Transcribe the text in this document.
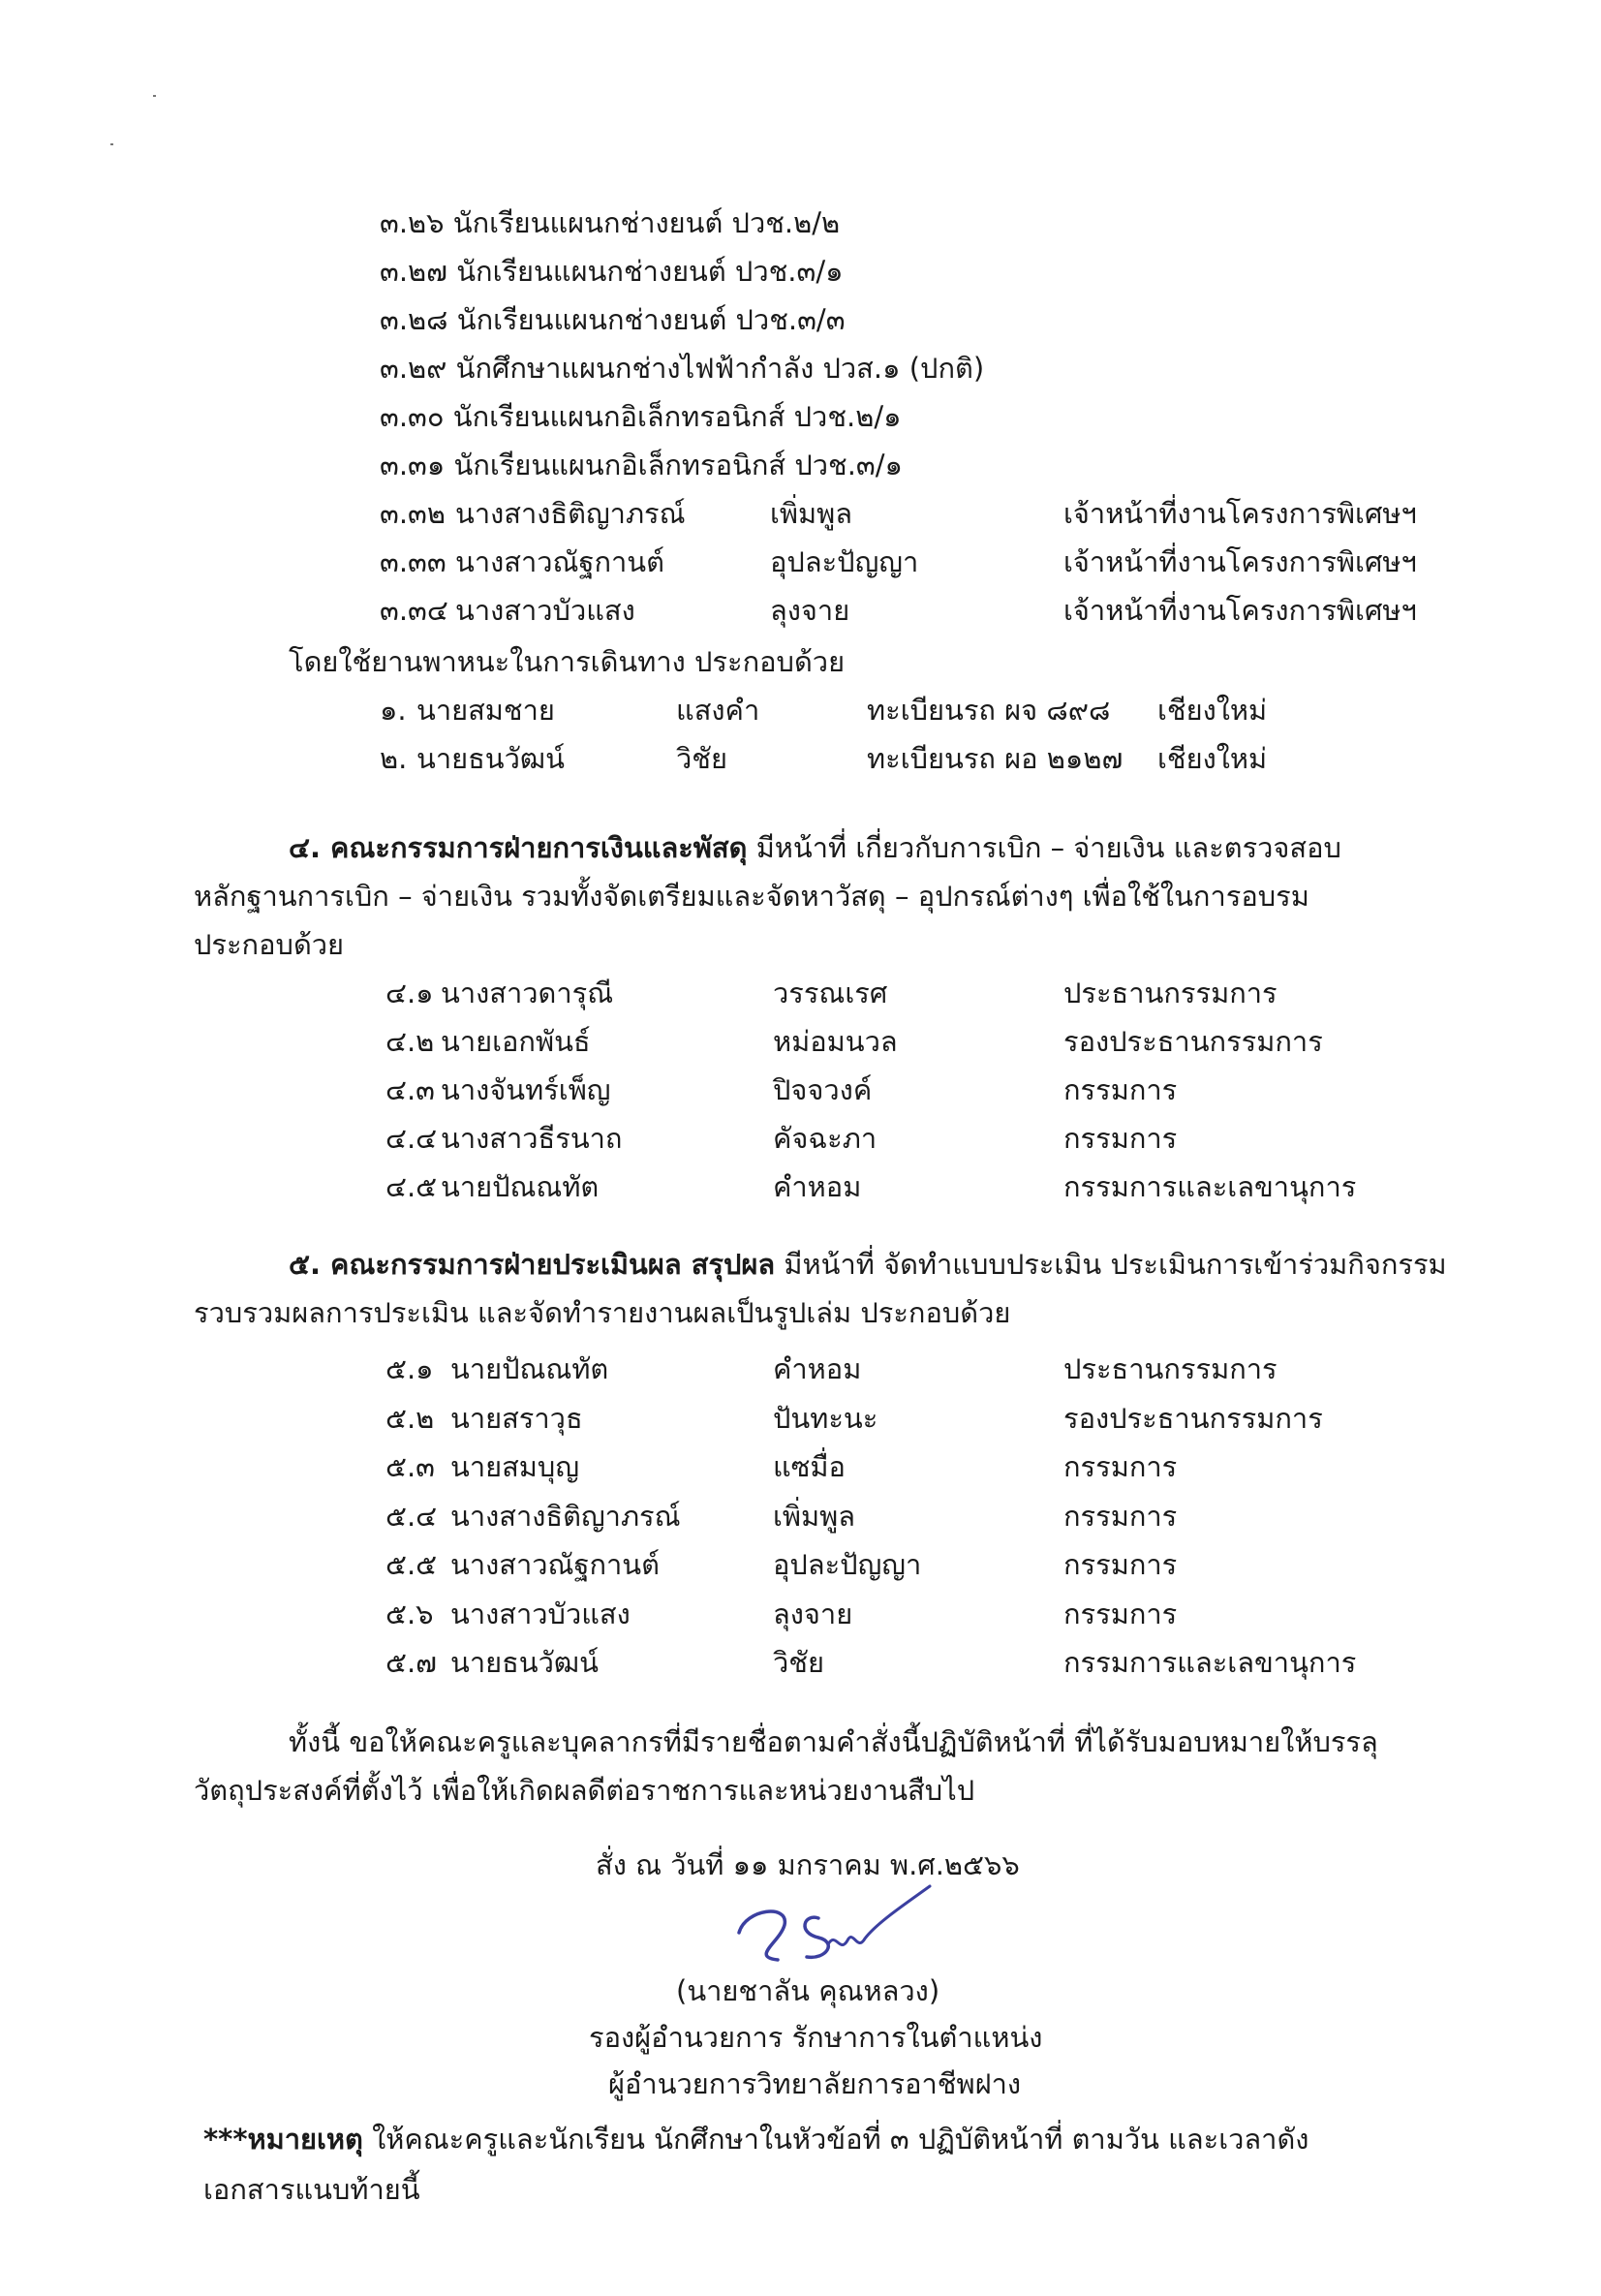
๓.๒๖ นักเรียนแผนกช่างยนต์ ปวช.๒/๒
๓.๒๗ นักเรียนแผนกช่างยนต์ ปวช.๓/๑
๓.๒๘ นักเรียนแผนกช่างยนต์ ปวช.๓/๓
๓.๒๙ นักศึกษาแผนกช่างไฟฟ้ากำลัง ปวส.๑ (ปกติ)
๓.๓๐ นักเรียนแผนกอิเล็กทรอนิกส์ ปวช.๒/๑
๓.๓๑ นักเรียนแผนกอิเล็กทรอนิกส์ ปวช.๓/๑
๓.๓๒ นางสางธิติญาภรณ์	เพิ่มพูล	เจ้าหน้าที่งานโครงการพิเศษฯ
๓.๓๓ นางสาวณัฐกานต์	อุปละปัญญา	เจ้าหน้าที่งานโครงการพิเศษฯ
๓.๓๔ นางสาวบัวแสง	ลุงจาย	เจ้าหน้าที่งานโครงการพิเศษฯ
โดยใช้ยานพาหนะในการเดินทาง ประกอบด้วย
๑. นายสมชาย	แสงคำ	ทะเบียนรถ ผจ ๘๙๘ เชียงใหม่
๒. นายธนวัฒน์	วิชัย	ทะเบียนรถ ผอ ๒๑๒๗ เชียงใหม่
๔. คณะกรรมการฝ่ายการเงินและพัสดุ มีหน้าที่ เกี่ยวกับการเบิก – จ่ายเงิน และตรวจสอบ
หลักฐานการเบิก – จ่ายเงิน รวมทั้งจัดเตรียมและจัดหาวัสดุ – อุปกรณ์ต่างๆ เพื่อใช้ในการอบรม
ประกอบด้วย
๔.๑ นางสาวดารุณี	วรรณเรศ	ประธานกรรมการ
๔.๒ นายเอกพันธ์	หม่อมนวล	รองประธานกรรมการ
๔.๓ นางจันทร์เพ็ญ	ปิจจวงค์	กรรมการ
๔.๔ นางสาวธีรนาถ	คัจฉะภา	กรรมการ
๔.๕ นายปัณณทัต	คำหอม	กรรมการและเลขานุการ
๕. คณะกรรมการฝ่ายประเมินผล สรุปผล มีหน้าที่ จัดทำแบบประเมิน ประเมินการเข้าร่วมกิจกรรม
รวบรวมผลการประเมิน และจัดทำรายงานผลเป็นรูปเล่ม ประกอบด้วย
๕.๑ นายปัณณทัต	คำหอม	ประธานกรรมการ
๕.๒ นายสราวุธ	ปันทะนะ	รองประธานกรรมการ
๕.๓ นายสมบุญ	แซมื่อ	กรรมการ
๕.๔ นางสางธิติญาภรณ์	เพิ่มพูล	กรรมการ
๕.๕ นางสาวณัฐกานต์	อุปละปัญญา	กรรมการ
๕.๖ นางสาวบัวแสง	ลุงจาย	กรรมการ
๕.๗ นายธนวัฒน์	วิชัย	กรรมการและเลขานุการ
ทั้งนี้ ขอให้คณะครูและบุคลากรที่มีรายชื่อตามคำสั่งนี้ปฏิบัติหน้าที่ ที่ได้รับมอบหมายให้บรรลุ
วัตถุประสงค์ที่ตั้งไว้ เพื่อให้เกิดผลดีต่อราชการและหน่วยงานสืบไป
สั่ง ณ วันที่ ๑๑ มกราคม พ.ศ.๒๕๖๖
(นายชาลัน คุณหลวง)
รองผู้อำนวยการ รักษาการในตำแหน่ง
ผู้อำนวยการวิทยาลัยการอาชีพฝาง
***หมายเหตุ ให้คณะครูและนักเรียน นักศึกษาในหัวข้อที่ ๓ ปฏิบัติหน้าที่ ตามวัน และเวลาดัง
เอกสารแนบท้ายนี้
